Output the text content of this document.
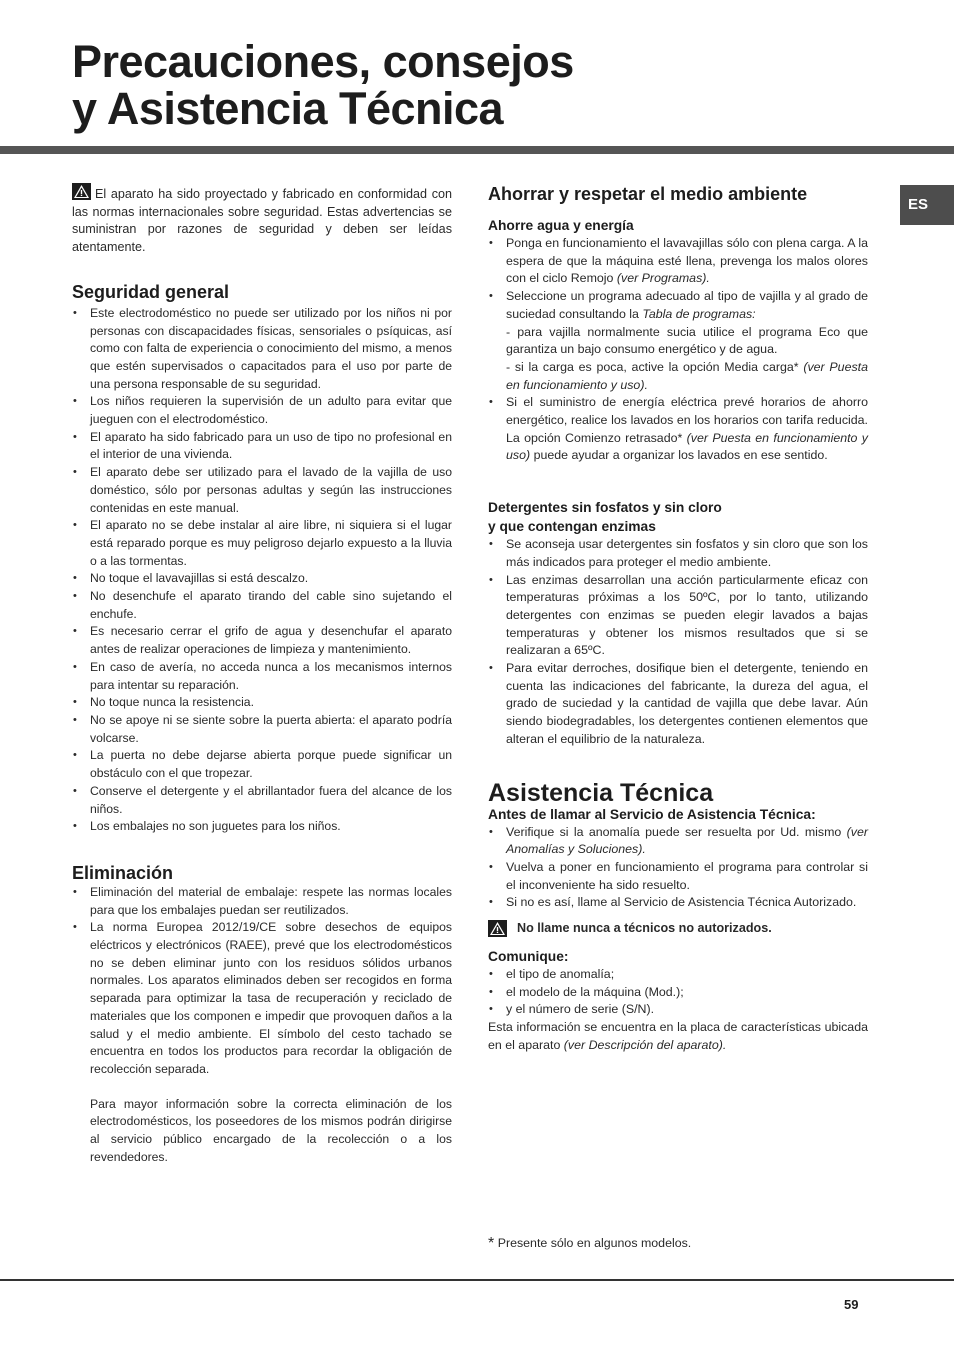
Precauciones, consejos
y Asistencia Técnica
ES

El aparato ha sido proyectado y fabricado en conformidad con las normas internacionales sobre seguridad. Estas advertencias se suministran por razones de seguridad y deben ser leídas atentamente.

Seguridad general
• Este electrodoméstico no puede ser utilizado por los niños ni por personas con discapacidades físicas, sensoriales o psíquicas, así como con falta de experiencia o conocimiento del mismo, a menos que estén supervisados o capacitados para el uso por parte de una persona responsable de su seguridad.
• Los niños requieren la supervisión de un adulto para evitar que jueguen con el electrodoméstico.
• El aparato ha sido fabricado para un uso de tipo no profesional en el interior de una vivienda.
• El aparato debe ser utilizado para el lavado de la vajilla de uso doméstico, sólo por personas adultas y según las instrucciones contenidas en este manual.
• El aparato no se debe instalar al aire libre, ni siquiera si el lugar está reparado porque es muy peligroso dejarlo expuesto a la lluvia o a las tormentas.
• No toque el lavavajillas si está descalzo.
• No desenchufe el aparato tirando del cable sino sujetando el enchufe.
• Es necesario cerrar el grifo de agua y desenchufar el aparato antes de realizar operaciones de limpieza y mantenimiento.
• En caso de avería, no acceda nunca a los mecanismos internos para intentar su reparación.
• No toque nunca la resistencia.
• No se apoye ni se siente sobre la puerta abierta: el aparato podría volcarse.
• La puerta no debe dejarse abierta porque puede significar un obstáculo con el que tropezar.
• Conserve el detergente y el abrillantador fuera del alcance de los niños.
• Los embalajes no son juguetes para los niños.
Eliminación
• Eliminación del material de embalaje: respete las normas locales para que los embalajes puedan ser reutilizados.
• La norma Europea 2012/19/CE sobre desechos de equipos eléctricos y electrónicos (RAEE), prevé que los electrodomésticos no se deben eliminar junto con los residuos sólidos urbanos normales. Los aparatos eliminados deben ser recogidos en forma separada para optimizar la tasa de recuperación y reciclado de materiales que los componen e impedir que provoquen daños a la salud y el medio ambiente. El símbolo del cesto tachado se encuentra en todos los productos para recordar la obligación de recolección separada.

Para mayor información sobre la correcta eliminación de los electrodomésticos, los poseedores de los mismos podrán dirigirse al servicio público encargado de la recolección o a los revendedores.

Ahorrar y respetar el medio ambiente
Ahorre agua y energía
• Ponga en funcionamiento el lavavajillas sólo con plena carga. A la espera de que la máquina esté llena, prevenga los malos olores con el ciclo Remojo (ver Programas).
• Seleccione un programa adecuado al tipo de vajilla y al grado de suciedad consultando la Tabla de programas:
- para vajilla normalmente sucia utilice el programa Eco que garantiza un bajo consumo energético y de agua.
- si la carga es poca, active la opción Media carga* (ver Puesta en funcionamiento y uso).
• Si el suministro de energía eléctrica prevé horarios de ahorro energético, realice los lavados en los horarios con tarifa reducida. La opción Comienzo retrasado* (ver Puesta en funcionamiento y uso) puede ayudar a organizar los lavados en ese sentido.
Detergentes sin fosfatos y sin cloro
y que contengan enzimas
• Se aconseja usar detergentes sin fosfatos y sin cloro que son los más indicados para proteger el medio ambiente.
• Las enzimas desarrollan una acción particularmente eficaz con temperaturas próximas a los 50ºC, por lo tanto, utilizando detergentes con enzimas se pueden elegir lavados a bajas temperaturas y obtener los mismos resultados que si se realizaran a 65ºC.
• Para evitar derroches, dosifique bien el detergente, teniendo en cuenta las indicaciones del fabricante, la dureza del agua, el grado de suciedad y la cantidad de vajilla que debe lavar. Aún siendo biodegradables, los detergentes contienen elementos que alteran el equilibrio de la naturaleza.
Asistencia Técnica
Antes de llamar al Servicio de Asistencia Técnica:
• Verifique si la anomalía puede ser resuelta por Ud. mismo (ver Anomalías y Soluciones).
• Vuelva a poner en funcionamiento el programa para controlar si el inconveniente ha sido resuelto.
• Si no es así, llame al Servicio de Asistencia Técnica Autorizado.
No llame nunca a técnicos no autorizados.
Comunique:
• el tipo de anomalía;
• el modelo de la máquina (Mod.);
• y el número de serie (S/N).

Esta información se encuentra en la placa de características ubicada en el aparato (ver Descripción del aparato).

* Presente sólo en algunos modelos.
59
